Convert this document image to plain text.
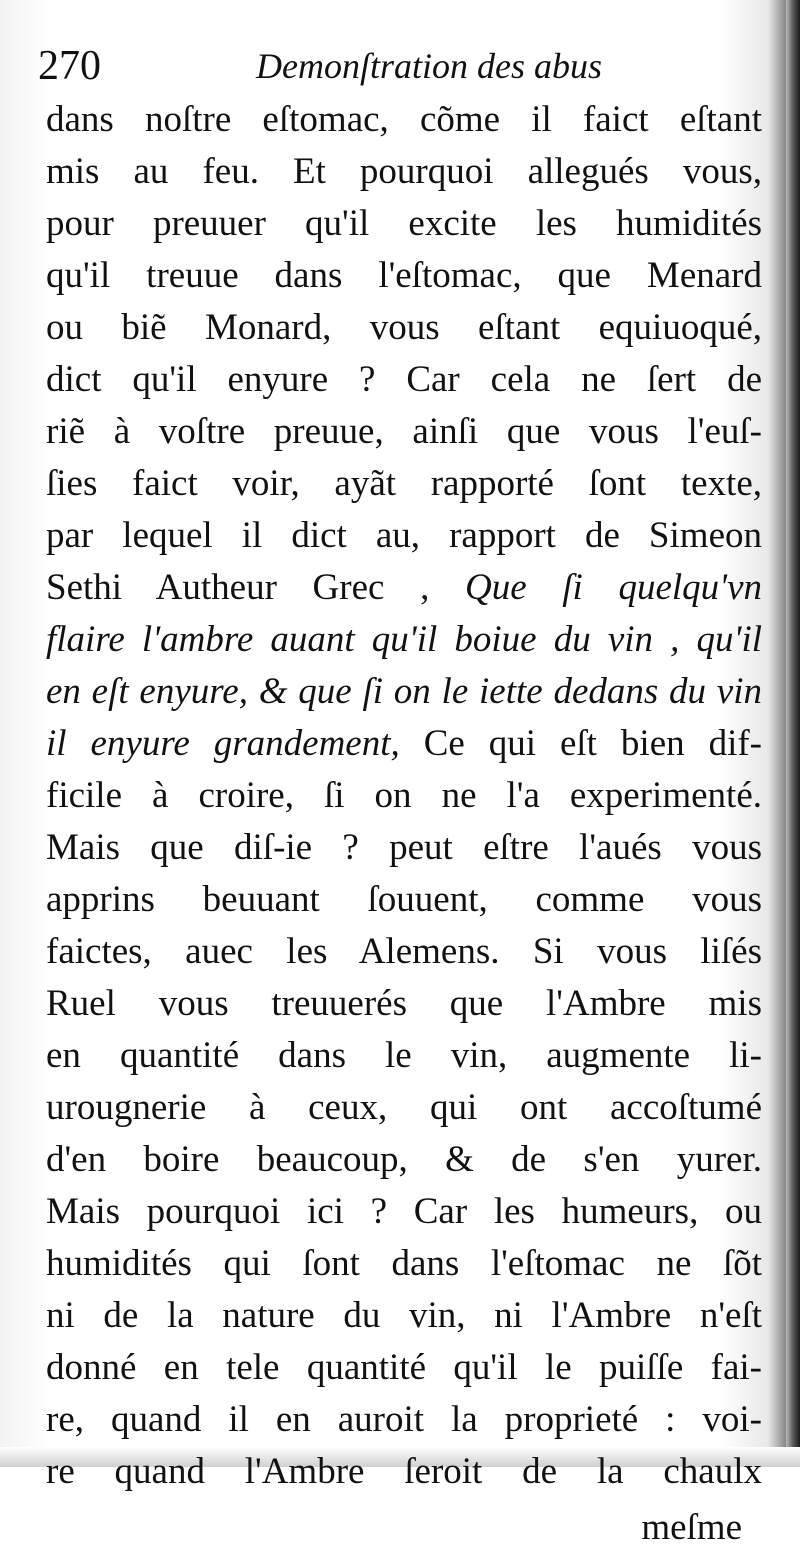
270	Demonſtration des abus
dans noſtre eſtomac, cõme il faict eſtant
mis au feu. Et pourquoi allegués vous,
pour preuuer qu'il excite les humidités
qu'il treuue dans l'eſtomac, que Menard
ou biẽ Monard, vous eſtant equiuoqué,
dict qu'il enyure ? Car cela ne ſert de
riẽ à voſtre preuue, ainſi que vous l'euſ-
ſies faict voir, ayãt rapporté ſont texte,
par lequel il dict au, rapport de Simeon
Sethi Autheur Grec , Que ſi quelqu'vn
flaire l'ambre auant qu'il boiue du vin , qu'il
en eſt enyure, & que ſi on le iette dedans du vin
il enyure grandement, Ce qui eſt bien dif-
ficile à croire, ſi on ne l'a experimenté.
Mais que diſ-ie ? peut eſtre l'aués vous
apprins beuuant ſouuent, comme vous
faictes, auec les Alemens. Si vous liſés
Ruel vous treuuerés que l'Ambre mis
en quantité dans le vin, augmente li-
urougnerie à ceux, qui ont accoſtumé
d'en boire beaucoup, & de s'en yurer.
Mais pourquoi ici ? Car les humeurs, ou
humidités qui ſont dans l'eſtomac ne ſõt
ni de la nature du vin, ni l'Ambre n'eſt
donné en tele quantité qu'il le puiſſe fai-
re, quand il en auroit la proprieté : voi-
re quand l'Ambre ſeroit de la chaulx
meſme
